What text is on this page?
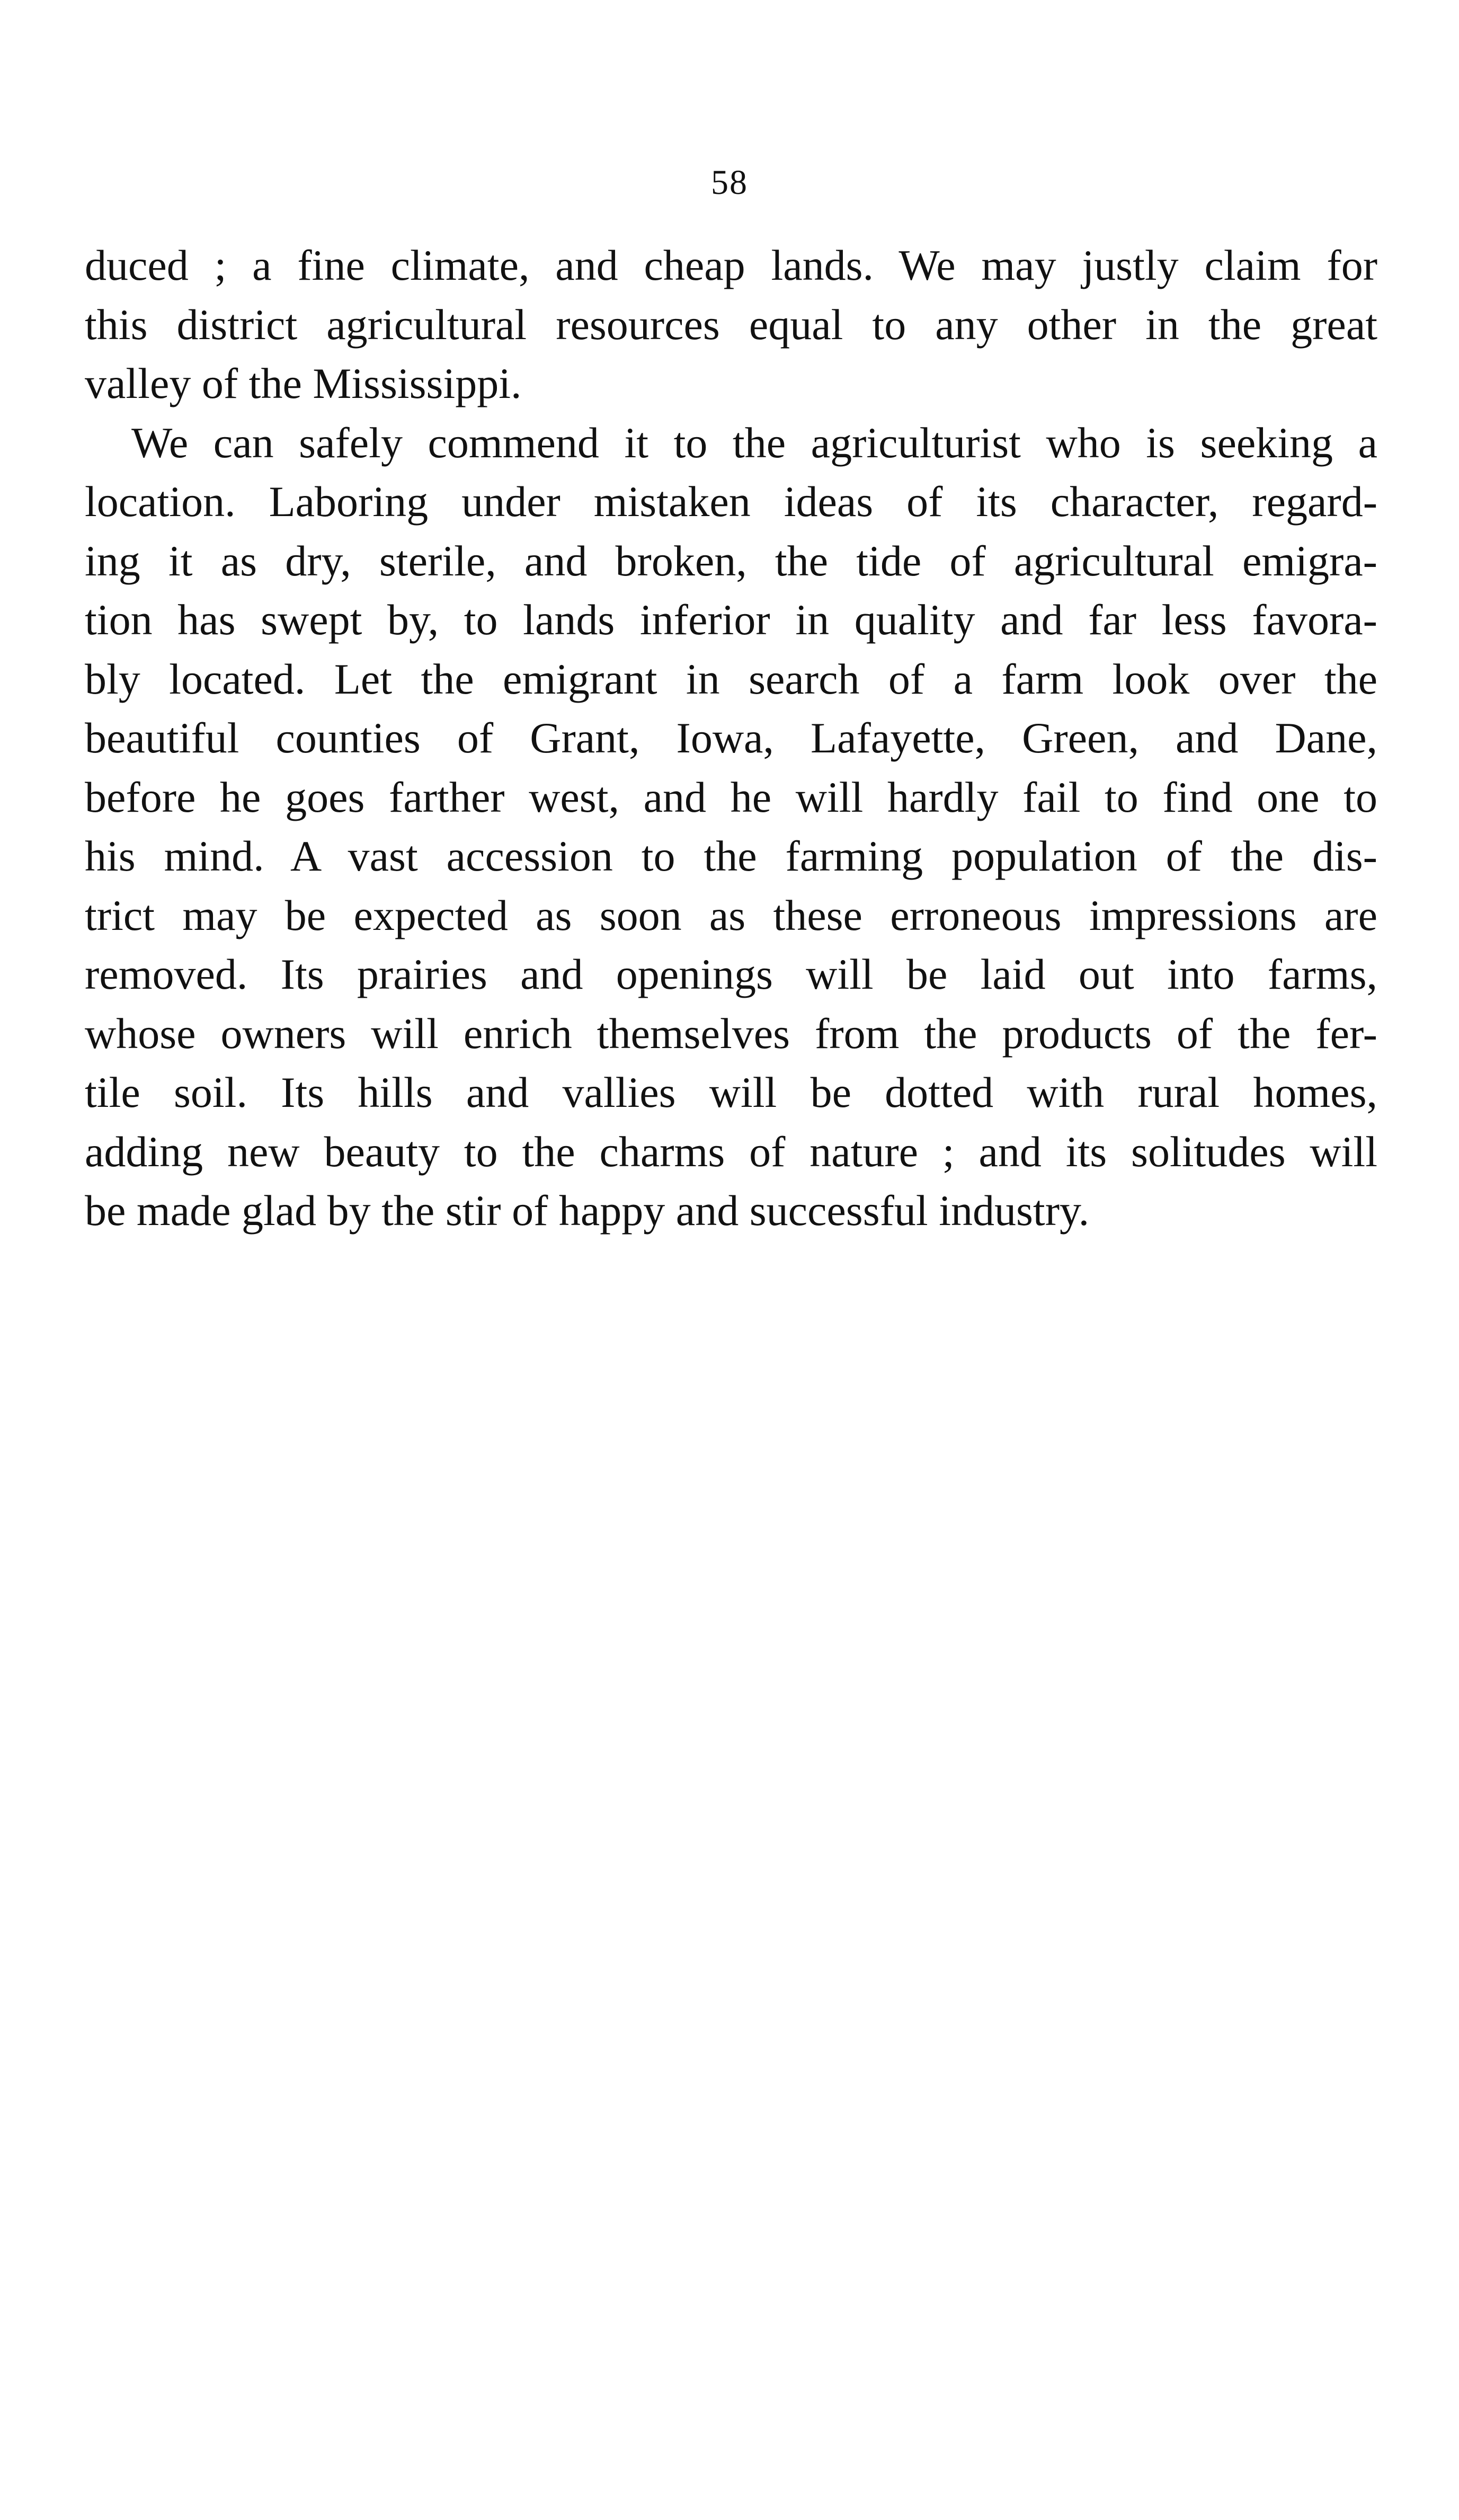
58
duced ; a fine climate, and cheap lands. We may justly claim for
this district agricultural resources equal to any other in the great
valley of the Mississippi.
We can safely commend it to the agriculturist who is seeking a
location. Laboring under mistaken ideas of its character, regard-
ing it as dry, sterile, and broken, the tide of agricultural emigra-
tion has swept by, to lands inferior in quality and far less favora-
bly located. Let the emigrant in search of a farm look over the
beautiful counties of Grant, Iowa, Lafayette, Green, and Dane,
before he goes farther west, and he will hardly fail to find one to
his mind. A vast accession to the farming population of the dis-
trict may be expected as soon as these erroneous impressions are
removed. Its prairies and openings will be laid out into farms,
whose owners will enrich themselves from the products of the fer-
tile soil. Its hills and vallies will be dotted with rural homes,
adding new beauty to the charms of nature ; and its solitudes will
be made glad by the stir of happy and successful industry.
